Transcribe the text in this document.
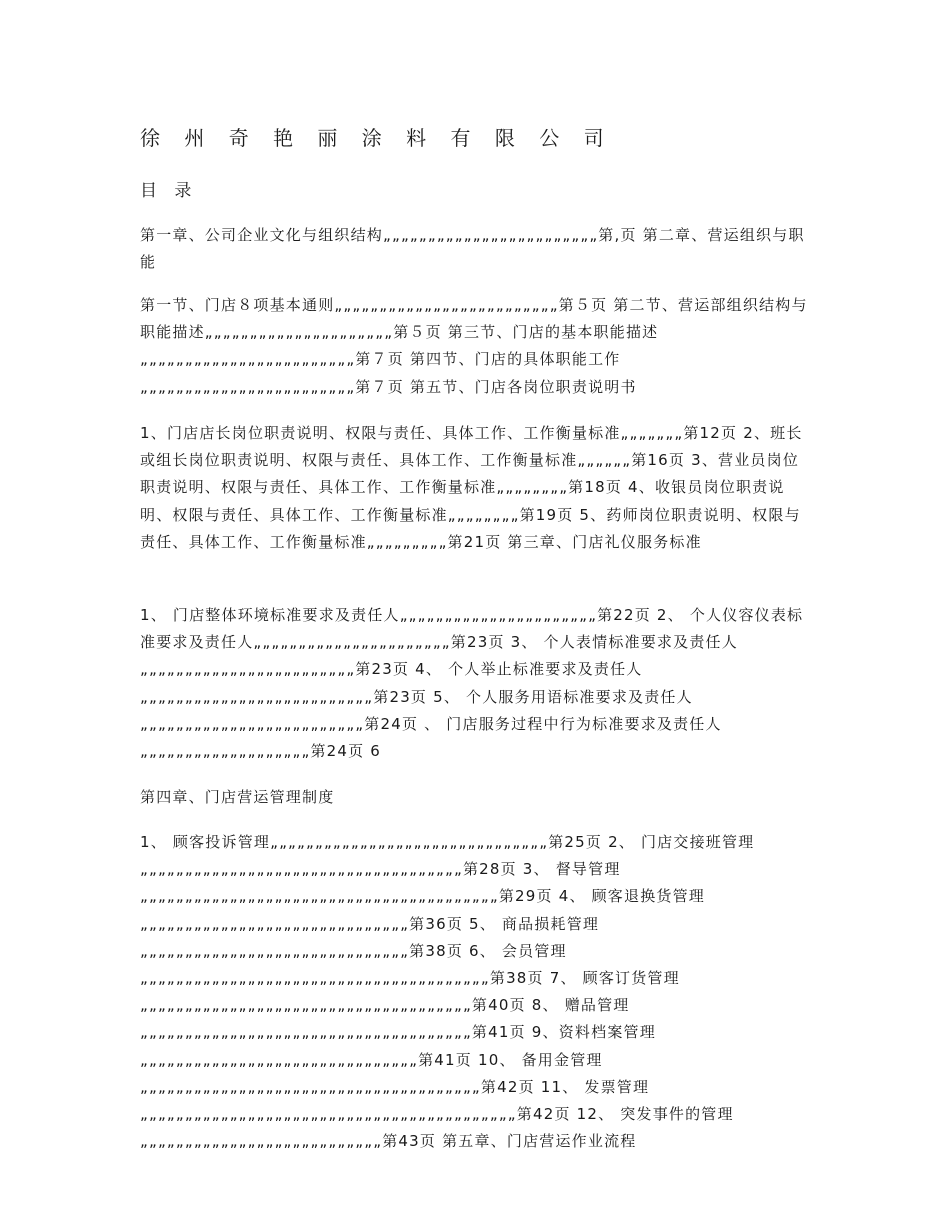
徐 州 奇 艳 丽 涂 料 有 限 公 司
目 录

第一章、公司企业文化与组织结构„„„„„„„„„„„„„„„„„„„„„„„„第,页 第二章、营运组织与职能

第一节、门店８项基本通则„„„„„„„„„„„„„„„„„„„„„„„„„第５页 第二节、营运部组织结构与职能描述„„„„„„„„„„„„„„„„„„„„„第５页 第三节、门店的基本职能描述„„„„„„„„„„„„„„„„„„„„„„„„第７页 第四节、门店的具体职能工作„„„„„„„„„„„„„„„„„„„„„„„„第７页 第五节、门店各岗位职责说明书

1、门店店长岗位职责说明、权限与责任、具体工作、工作衡量标准„„„„„„„第12页 2、班长或组长岗位职责说明、权限与责任、具体工作、工作衡量标准„„„„„„第16页 3、营业员岗位职责说明、权限与责任、具体工作、工作衡量标准„„„„„„„„第18页 4、收银员岗位职责说明、权限与责任、具体工作、工作衡量标准„„„„„„„„第19页 5、药师岗位职责说明、权限与责任、具体工作、工作衡量标准„„„„„„„„„第21页 第三章、门店礼仪服务标准

1、 门店整体环境标准要求及责任人„„„„„„„„„„„„„„„„„„„„„„第22页 2、 个人仪容仪表标准要求及责任人„„„„„„„„„„„„„„„„„„„„„„第23页 3、 个人表情标准要求及责任人„„„„„„„„„„„„„„„„„„„„„„„„第23页 4、 个人举止标准要求及责任人„„„„„„„„„„„„„„„„„„„„„„„„„„第23页 5、 个人服务用语标准要求及责任人„„„„„„„„„„„„„„„„„„„„„„„„„第24页 、 门店服务过程中行为标准要求及责任人„„„„„„„„„„„„„„„„„„„第24页 6

第四章、门店营运管理制度

1、 顾客投诉管理„„„„„„„„„„„„„„„„„„„„„„„„„„„„„„„第25页 2、 门店交接班管理„„„„„„„„„„„„„„„„„„„„„„„„„„„„„„„„„„„„第28页 3、 督导管理„„„„„„„„„„„„„„„„„„„„„„„„„„„„„„„„„„„„„„„„第29页 4、 顾客退换货管理„„„„„„„„„„„„„„„„„„„„„„„„„„„„„„第36页 5、 商品损耗管理 „„„„„„„„„„„„„„„„„„„„„„„„„„„„„„第38页 6、 会员管理„„„„„„„„„„„„„„„„„„„„„„„„„„„„„„„„„„„„„„„第38页 7、 顾客订货管理„„„„„„„„„„„„„„„„„„„„„„„„„„„„„„„„„„„„„第40页 8、 赠品管理„„„„„„„„„„„„„„„„„„„„„„„„„„„„„„„„„„„„„第41页 9、资料档案管理„„„„„„„„„„„„„„„„„„„„„„„„„„„„„„„第41页 10、 备用金管理„„„„„„„„„„„„„„„„„„„„„„„„„„„„„„„„„„„„„„第42页 11、 发票管理„„„„„„„„„„„„„„„„„„„„„„„„„„„„„„„„„„„„„„„„„„第42页 12、 突发事件的管理„„„„„„„„„„„„„„„„„„„„„„„„„„„第43页 第五章、门店营运作业流程
